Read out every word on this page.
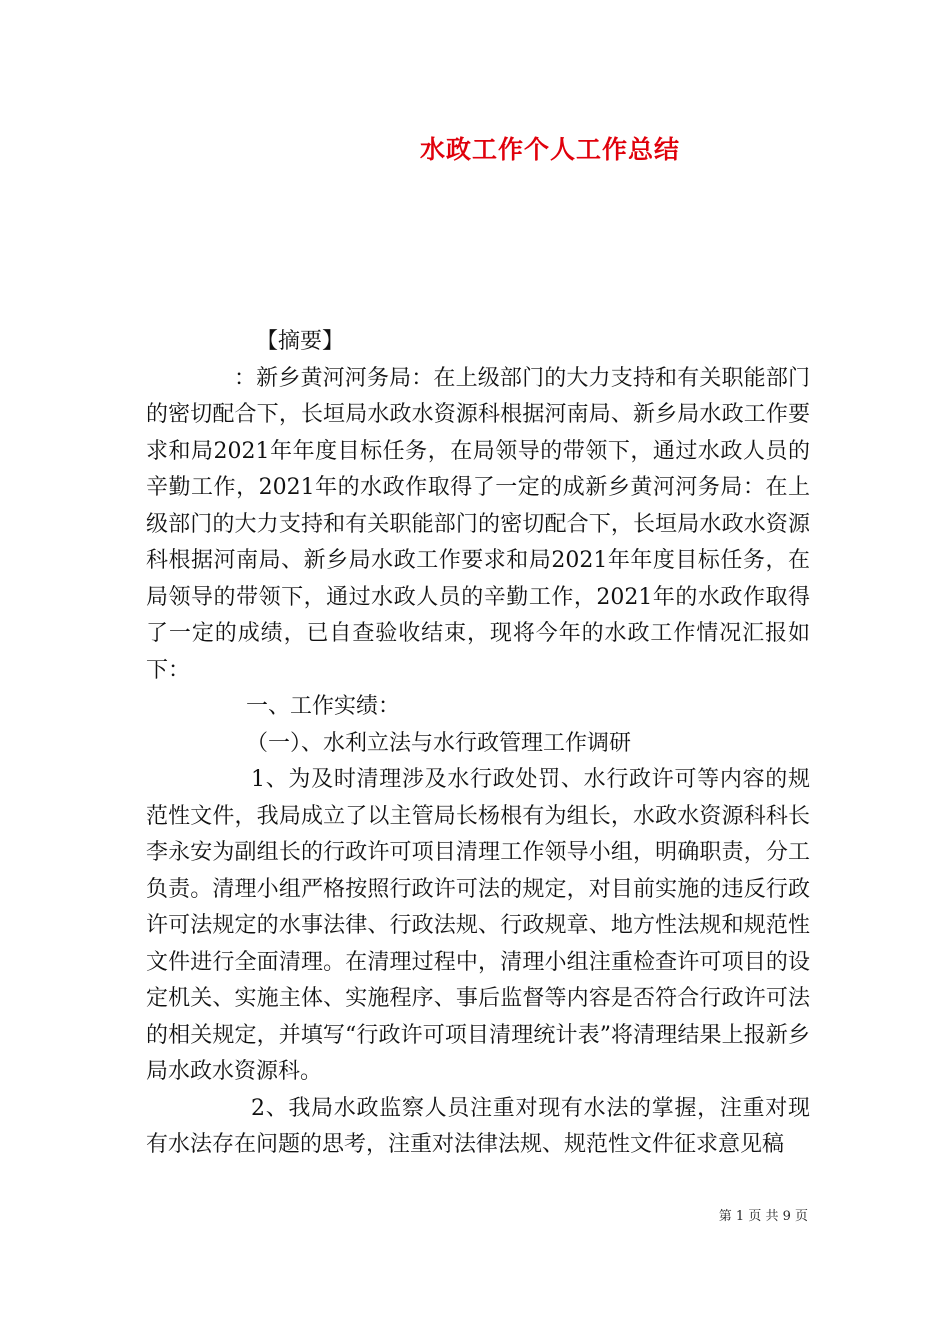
水政工作个人工作总结

【摘要】

：新乡黄河河务局：在上级部门的大力支持和有关职能部门的密切配合下，长垣局水政水资源科根据河南局、新乡局水政工作要求和局2021年年度目标任务，在局领导的带领下，通过水政人员的辛勤工作，2021年的水政作取得了一定的成新乡黄河河务局：在上级部门的大力支持和有关职能部门的密切配合下，长垣局水政水资源科根据河南局、新乡局水政工作要求和局2021年年度目标任务，在局领导的带领下，通过水政人员的辛勤工作，2021年的水政作取得了一定的成绩，已自查验收结束，现将今年的水政工作情况汇报如下：

一、工作实绩：

（一）、水利立法与水行政管理工作调研

1、为及时清理涉及水行政处罚、水行政许可等内容的规范性文件，我局成立了以主管局长杨根有为组长，水政水资源科科长李永安为副组长的行政许可项目清理工作领导小组，明确职责，分工负责。清理小组严格按照行政许可法的规定，对目前实施的违反行政许可法规定的水事法律、行政法规、行政规章、地方性法规和规范性文件进行全面清理。在清理过程中，清理小组注重检查许可项目的设定机关、实施主体、实施程序、事后监督等内容是否符合行政许可法的相关规定，并填写“行政许可项目清理统计表”将清理结果上报新乡局水政水资源科。

2、我局水政监察人员注重对现有水法的掌握，注重对现有水法存在问题的思考，注重对法律法规、规范性文件征求意见稿

第 1 页 共 9 页
